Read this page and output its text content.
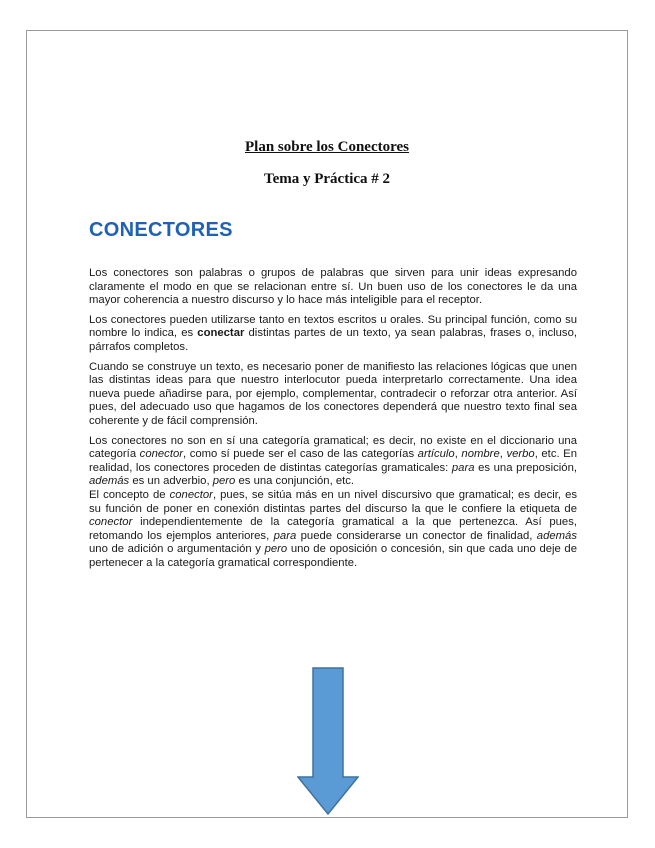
Plan sobre los Conectores
Tema y Práctica # 2
CONECTORES

Los conectores son palabras o grupos de palabras que sirven para unir ideas expresando claramente el modo en que se relacionan entre sí. Un buen uso de los conectores le da una mayor coherencia a nuestro discurso y lo hace más inteligible para el receptor.

Los conectores pueden utilizarse tanto en textos escritos u orales. Su principal función, como su nombre lo indica, es conectar distintas partes de un texto, ya sean palabras, frases o, incluso, párrafos completos.

Cuando se construye un texto, es necesario poner de manifiesto las relaciones lógicas que unen las distintas ideas para que nuestro interlocutor pueda interpretarlo correctamente. Una idea nueva puede añadirse para, por ejemplo, complementar, contradecir o reforzar otra anterior. Así pues, del adecuado uso que hagamos de los conectores dependerá que nuestro texto final sea coherente y de fácil comprensión.

Los conectores no son en sí una categoría gramatical; es decir, no existe en el diccionario una categoría conector, como sí puede ser el caso de las categorías artículo, nombre, verbo, etc. En realidad, los conectores proceden de distintas categorías gramaticales: para es una preposición, además es un adverbio, pero es una conjunción, etc.

El concepto de conector, pues, se sitúa más en un nivel discursivo que gramatical; es decir, es su función de poner en conexión distintas partes del discurso la que le confiere la etiqueta de conector independientemente de la categoría gramatical a la que pertenezca. Así pues, retomando los ejemplos anteriores, para puede considerarse un conector de finalidad, además uno de adición o argumentación y pero uno de oposición o concesión, sin que cada uno deje de pertenecer a la categoría gramatical correspondiente.
